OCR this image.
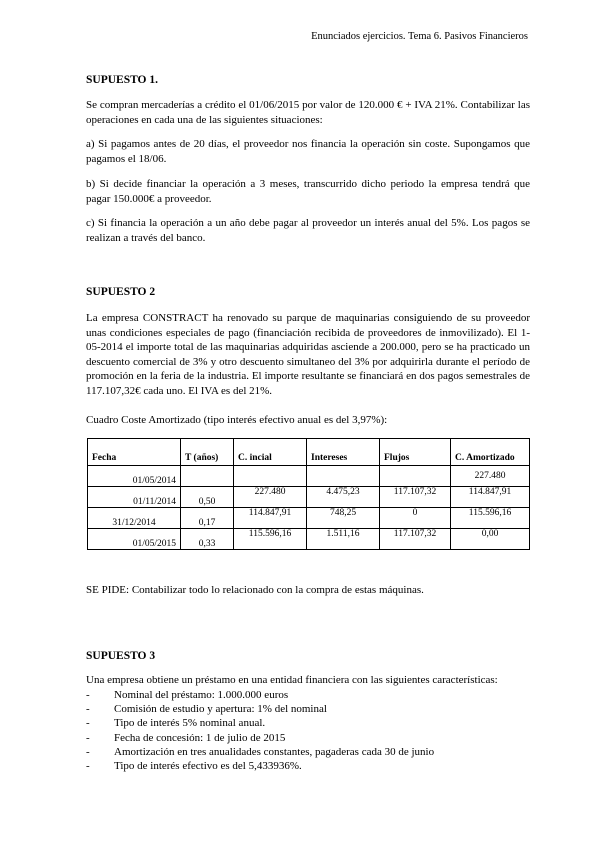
Enunciados ejercicios. Tema 6. Pasivos Financieros
SUPUESTO 1.

Se compran mercaderías a crédito el 01/06/2015 por valor de 120.000 € + IVA 21%. Contabilizar las operaciones en cada una de las siguientes situaciones:

a) Si pagamos antes de 20 días, el proveedor nos financia la operación sin coste. Supongamos que pagamos el 18/06.

b) Si decide financiar la operación a 3 meses, transcurrido dicho periodo la empresa tendrá que pagar 150.000€ a proveedor.

c) Si financia la operación a un año debe pagar al proveedor un interés anual del 5%. Los pagos se realizan a través del banco.

SUPUESTO 2

La empresa CONSTRACT ha renovado su parque de maquinarias consiguiendo de su proveedor unas condiciones especiales de pago (financiación recibida de proveedores de inmovilizado). El 1-05-2014 el importe total de las maquinarias adquiridas asciende a 200.000, pero se ha practicado un descuento comercial de 3% y otro descuento simultaneo del 3% por adquirirla durante el período de promoción en la feria de la industria. El importe resultante se financiará en dos pagos semestrales de 117.107,32€ cada uno. El IVA es del 21%.

Cuadro Coste Amortizado (tipo interés efectivo anual es del 3,97%):
Fecha	T (años)	C. incial	Intereses	Flujos	C. Amortizado
01/05/2014					227.480
01/11/2014	0,50	227.480	4.475,23	117.107,32	114.847,91
31/12/2014	0,17	114.847,91	748,25	0	115.596,16
01/05/2015	0,33	115.596,16	1.511,16	117.107,32	0,00
SE PIDE: Contabilizar todo lo relacionado con la compra de estas máquinas.
SUPUESTO 3

Una empresa obtiene un préstamo en una entidad financiera con las siguientes características:

- Nominal del préstamo: 1.000.000 euros
- Comisión de estudio y apertura: 1% del nominal
- Tipo de interés 5% nominal anual.
- Fecha de concesión: 1 de julio de 2015
- Amortización en tres anualidades constantes, pagaderas cada 30 de junio
- Tipo de interés efectivo es del 5,433936%.
